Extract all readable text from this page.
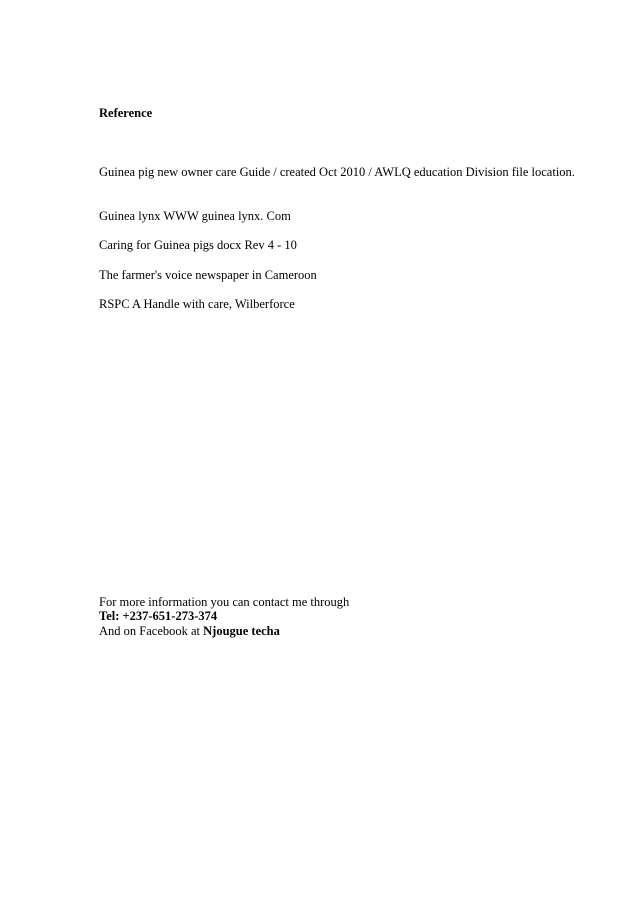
Reference
Guinea pig new owner care Guide / created Oct 2010 / AWLQ education Division file location.
Guinea lynx WWW guinea lynx. Com
Caring for Guinea pigs docx Rev 4 - 10
The farmer's voice newspaper in Cameroon
RSPC A Handle with care, Wilberforce
For more information you can contact me through
Tel: +237-651-273-374
And on Facebook at Njougue techa
